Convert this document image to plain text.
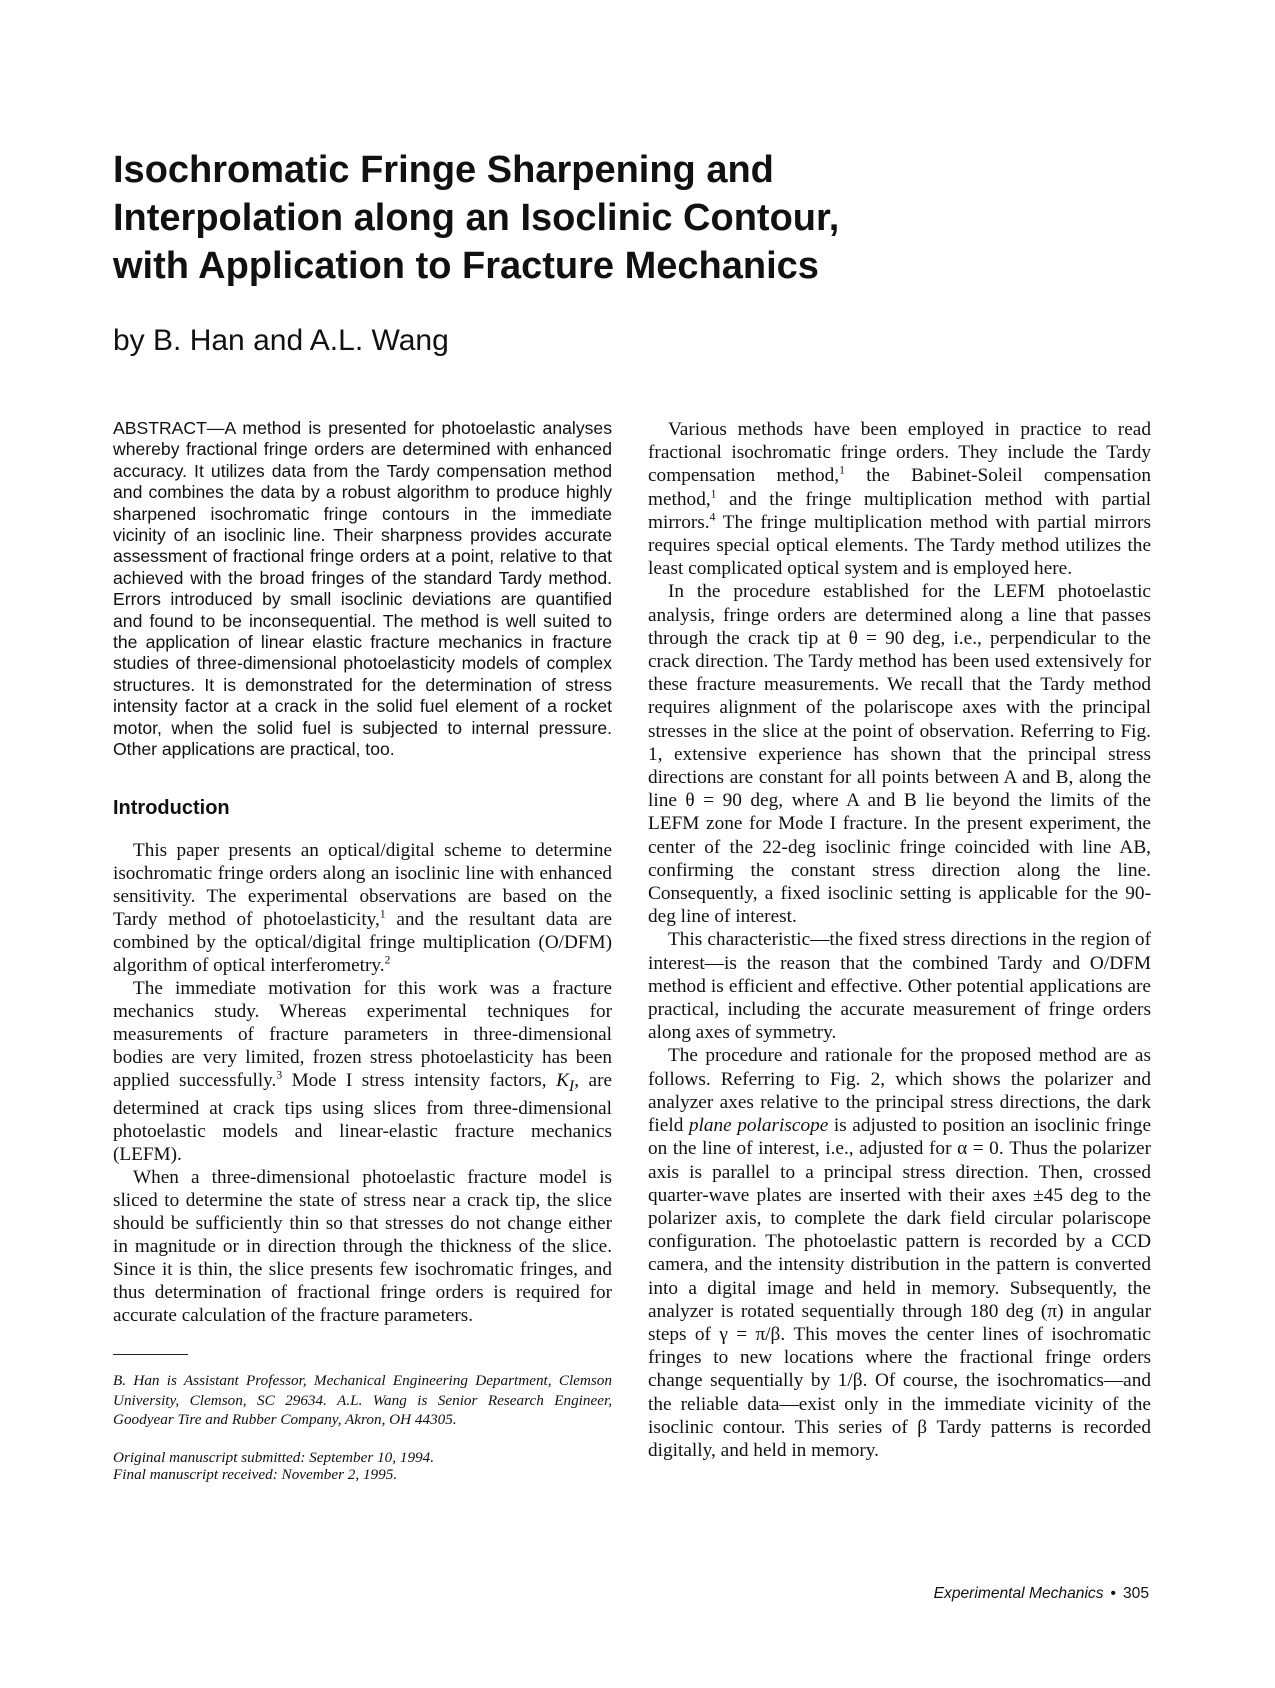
Isochromatic Fringe Sharpening and
Interpolation along an Isoclinic Contour,
with Application to Fracture Mechanics

by B. Han and A.L. Wang

ABSTRACT—A method is presented for photoelastic analyses whereby fractional fringe orders are determined with enhanced accuracy. It utilizes data from the Tardy compensation method and combines the data by a robust algorithm to produce highly sharpened isochromatic fringe contours in the immediate vicinity of an isoclinic line. Their sharpness provides accurate assessment of fractional fringe orders at a point, relative to that achieved with the broad fringes of the standard Tardy method. Errors introduced by small isoclinic deviations are quantified and found to be inconsequential. The method is well suited to the application of linear elastic fracture mechanics in fracture studies of three-dimensional photoelasticity models of complex structures. It is demonstrated for the determination of stress intensity factor at a crack in the solid fuel element of a rocket motor, when the solid fuel is subjected to internal pressure. Other applications are practical, too.

Introduction

This paper presents an optical/digital scheme to determine isochromatic fringe orders along an isoclinic line with enhanced sensitivity. The experimental observations are based on the Tardy method of photoelasticity,$^1$ and the resultant data are combined by the optical/digital fringe multiplication (O/DFM) algorithm of optical interferometry.$^2$

The immediate motivation for this work was a fracture mechanics study. Whereas experimental techniques for measurements of fracture parameters in three-dimensional bodies are very limited, frozen stress photoelasticity has been applied successfully.$^3$ Mode I stress intensity factors, $K_I$, are determined at crack tips using slices from three-dimensional photoelastic models and linear-elastic fracture mechanics (LEFM).

When a three-dimensional photoelastic fracture model is sliced to determine the state of stress near a crack tip, the slice should be sufficiently thin so that stresses do not change either in magnitude or in direction through the thickness of the slice. Since it is thin, the slice presents few isochromatic fringes, and thus determination of fractional fringe orders is required for accurate calculation of the fracture parameters.

B. Han is Assistant Professor, Mechanical Engineering Department, Clemson University, Clemson, SC 29634. A.L. Wang is Senior Research Engineer, Goodyear Tire and Rubber Company, Akron, OH 44305.

Original manuscript submitted: September 10, 1994.
Final manuscript received: November 2, 1995.

Various methods have been employed in practice to read fractional isochromatic fringe orders. They include the Tardy compensation method,$^1$ the Babinet-Soleil compensation method,$^1$ and the fringe multiplication method with partial mirrors.$^4$ The fringe multiplication method with partial mirrors requires special optical elements. The Tardy method utilizes the least complicated optical system and is employed here.

In the procedure established for the LEFM photoelastic analysis, fringe orders are determined along a line that passes through the crack tip at θ = 90 deg, i.e., perpendicular to the crack direction. The Tardy method has been used extensively for these fracture measurements. We recall that the Tardy method requires alignment of the polariscope axes with the principal stresses in the slice at the point of observation. Referring to Fig. 1, extensive experience has shown that the principal stress directions are constant for all points between A and B, along the line θ = 90 deg, where A and B lie beyond the limits of the LEFM zone for Mode I fracture. In the present experiment, the center of the 22-deg isoclinic fringe coincided with line AB, confirming the constant stress direction along the line. Consequently, a fixed isoclinic setting is applicable for the 90-deg line of interest.

This characteristic—the fixed stress directions in the region of interest—is the reason that the combined Tardy and O/DFM method is efficient and effective. Other potential applications are practical, including the accurate measurement of fringe orders along axes of symmetry.

The procedure and rationale for the proposed method are as follows. Referring to Fig. 2, which shows the polarizer and analyzer axes relative to the principal stress directions, the dark field plane polariscope is adjusted to position an isoclinic fringe on the line of interest, i.e., adjusted for α = 0. Thus the polarizer axis is parallel to a principal stress direction. Then, crossed quarter-wave plates are inserted with their axes ±45 deg to the polarizer axis, to complete the dark field circular polariscope configuration. The photoelastic pattern is recorded by a CCD camera, and the intensity distribution in the pattern is converted into a digital image and held in memory. Subsequently, the analyzer is rotated sequentially through 180 deg (π) in angular steps of γ = π/β. This moves the center lines of isochromatic fringes to new locations where the fractional fringe orders change sequentially by 1/β. Of course, the isochromatics—and the reliable data—exist only in the immediate vicinity of the isoclinic contour. This series of β Tardy patterns is recorded digitally, and held in memory.

Experimental Mechanics • 305
